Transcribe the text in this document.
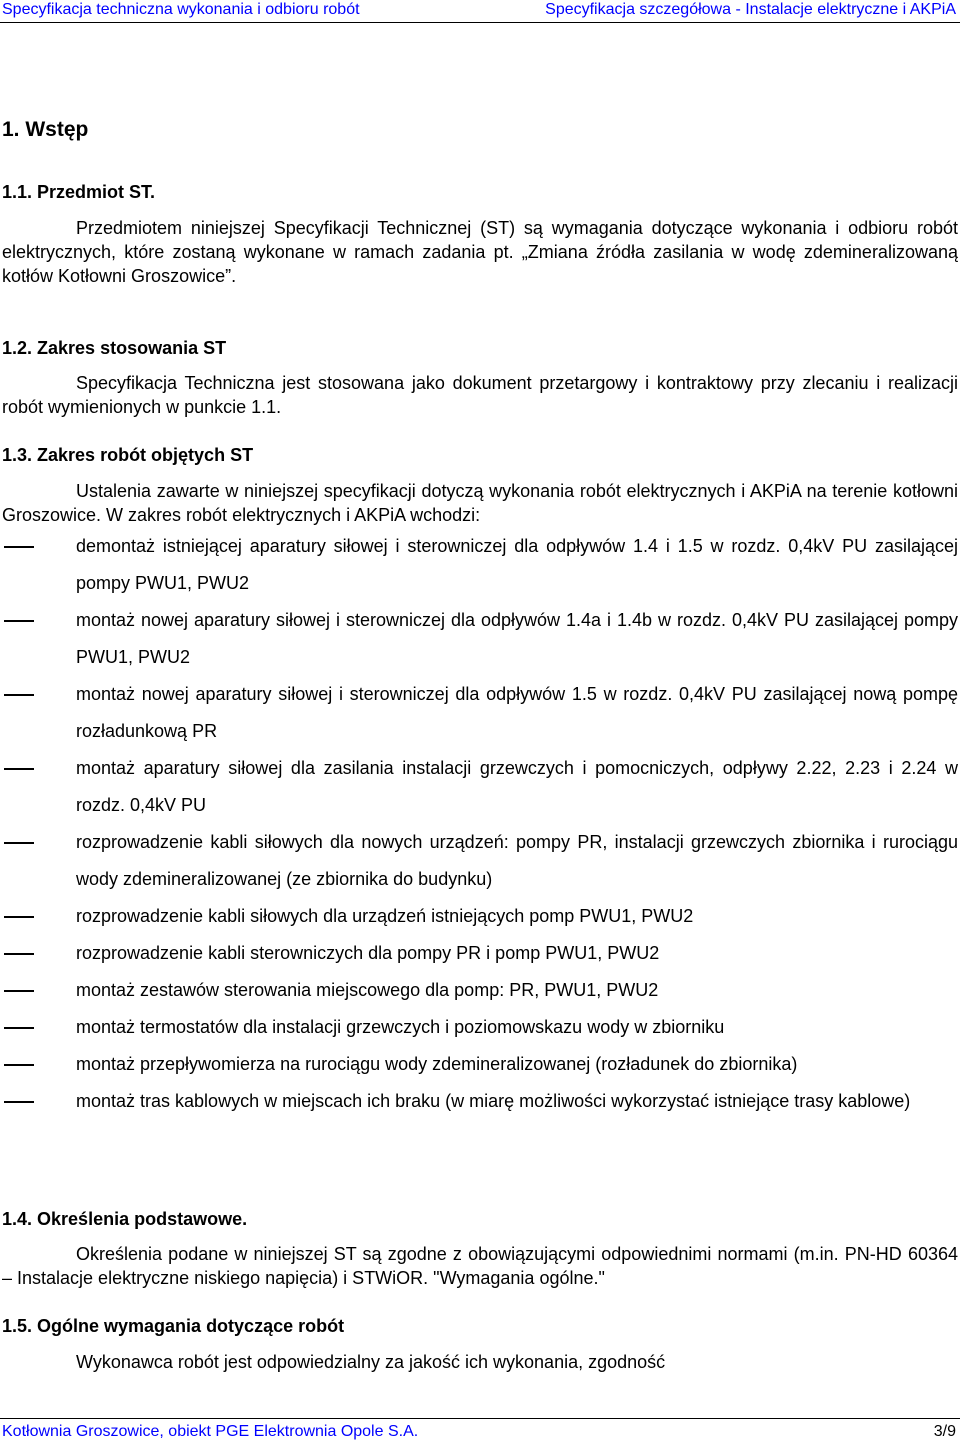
Specyfikacja techniczna wykonania i odbioru robót	Specyfikacja szczegółowa - Instalacje elektryczne i AKPiA
1. Wstęp
1.1. Przedmiot ST.
Przedmiotem niniejszej Specyfikacji Technicznej (ST) są wymagania dotyczące wykonania i odbioru robót elektrycznych, które zostaną wykonane w ramach zadania pt. „Zmiana źródła zasilania w wodę zdemineralizowaną kotłów Kotłowni Groszowice”.
1.2. Zakres stosowania ST
Specyfikacja Techniczna jest stosowana jako dokument przetargowy i kontraktowy przy zlecaniu i realizacji robót wymienionych w punkcie 1.1.
1.3. Zakres robót objętych ST
Ustalenia zawarte w niniejszej specyfikacji dotyczą wykonania robót elektrycznych i AKPiA na terenie kotłowni Groszowice. W zakres robót elektrycznych i AKPiA wchodzi:
demontaż istniejącej aparatury siłowej i sterowniczej dla odpływów 1.4 i 1.5 w rozdz. 0,4kV PU zasilającej pompy PWU1, PWU2
montaż nowej aparatury siłowej i sterowniczej dla odpływów 1.4a i 1.4b w rozdz. 0,4kV PU zasilającej pompy PWU1, PWU2
montaż nowej aparatury siłowej i sterowniczej dla odpływów 1.5 w rozdz. 0,4kV PU zasilającej nową pompę rozładunkową PR
montaż aparatury siłowej dla zasilania instalacji grzewczych i pomocniczych, odpływy 2.22, 2.23 i 2.24 w rozdz. 0,4kV PU
rozprowadzenie kabli siłowych dla nowych urządzeń: pompy PR, instalacji grzewczych zbiornika i rurociągu wody zdemineralizowanej (ze zbiornika do budynku)
rozprowadzenie kabli siłowych dla urządzeń istniejących pomp PWU1, PWU2
rozprowadzenie kabli sterowniczych dla pompy PR i pomp PWU1, PWU2
montaż zestawów sterowania miejscowego dla pomp: PR, PWU1, PWU2
montaż termostatów dla instalacji grzewczych i poziomowskazu wody w zbiorniku
montaż przepływomierza na rurociągu wody zdemineralizowanej (rozładunek do zbiornika)
montaż tras kablowych w miejscach ich braku (w miarę możliwości wykorzystać istniejące trasy kablowe)
1.4. Określenia podstawowe.
Określenia podane w niniejszej ST są zgodne z obowiązującymi odpowiednimi normami (m.in. PN-HD 60364 – Instalacje elektryczne niskiego napięcia) i STWiOR. "Wymagania ogólne."
1.5. Ogólne wymagania dotyczące robót
Wykonawca robót jest odpowiedzialny za jakość ich wykonania, zgodność
Kotłownia Groszowice, obiekt PGE Elektrownia Opole S.A.	3/9
